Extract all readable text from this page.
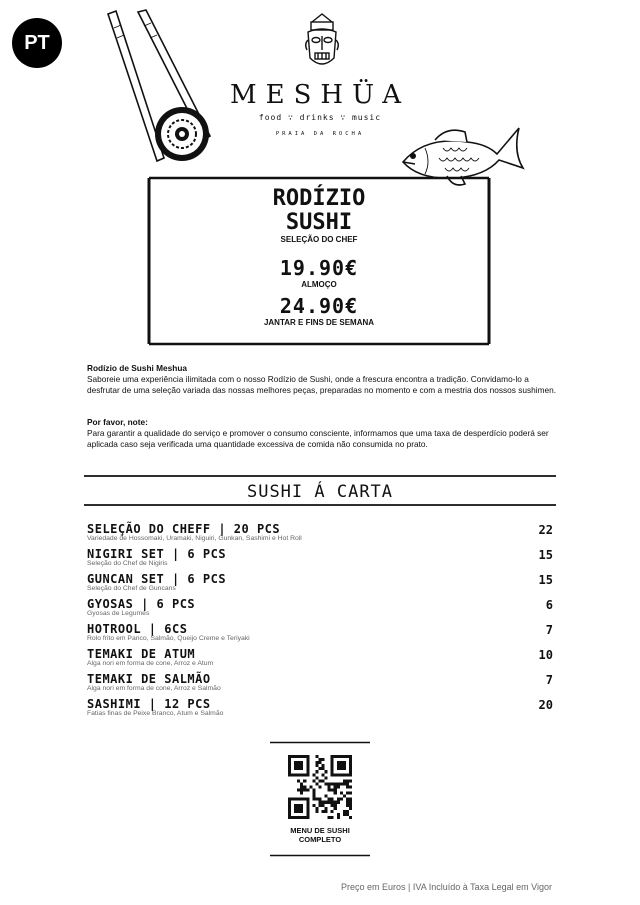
PT
MESHÜA
food ∵ drinks ∵ music
PRAIA DA ROCHA
RODÍZIO
SUSHI
SELEÇÃO DO CHEF
19.90€
ALMOÇO
24.90€
JANTAR E FINS DE SEMANA
Rodízio de Sushi Meshua
Saboreie uma experiência ilimitada com o nosso Rodízio de Sushi, onde a frescura encontra a tradição. Convidamo-lo a desfrutar de uma seleção variada das nossas melhores peças, preparadas no momento e com a mestria dos nossos sushimen.
Por favor, note:
Para garantir a qualidade do serviço e promover o consumo consciente, informamos que uma taxa de desperdício poderá ser aplicada caso seja verificada uma quantidade excessiva de comida não consumida no prato.
SUSHI Á CARTA
SELEÇÃO DO CHEFF | 20 PCS
Variedade de Hossomaki, Uramaki, Niguiri, Gunkan, Sashimi e Hot Roll
22
NIGIRI SET | 6 PCS
Seleção do Chef de Nigiris
15
GUNCAN SET | 6 PCS
Seleção do Chef de Guncans
15
GYOSAS | 6 PCS
Gyosas de Legumes
6
HOTROOL | 6CS
Rolo frito em Panco, Salmão, Queijo Creme e Teriyaki
7
TEMAKI DE ATUM
Alga nori em forma de cone, Arroz e Atum
10
TEMAKI DE SALMÃO
Alga nori em forma de cone, Arroz e Salmão
7
SASHIMI | 12 PCS
Fatias finas de Peixe Branco, Atum e Salmão
20
MENU DE SUSHI
COMPLETO
Preço em Euros | IVA Incluído à Taxa Legal em Vigor
